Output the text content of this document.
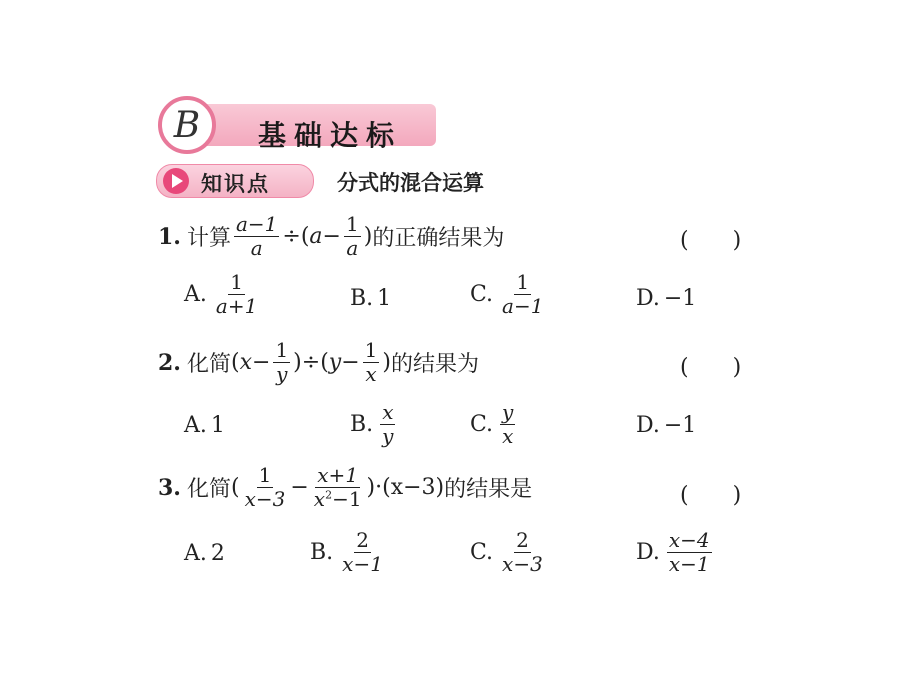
基础达标
B
知识点	分式的混合运算
1. 计算 $\frac{a-1}{a}$ ÷( $a - \frac{1}{a}$ ) 的正确结果为	(　　)
A. $\frac{1}{a+1}$	B. 1	C. $\frac{1}{a-1}$	D. −1
2. 化简 ( $x - \frac{1}{y}$ )÷( $y - \frac{1}{x}$ ) 的结果为	(　　)
A. 1	B. $\frac{x}{y}$	C. $\frac{y}{x}$	D. −1
3. 化简 ( $\frac{1}{x-3} - \frac{x+1}{x^2-1} )\cdot(x-3)$ 的结果是	(　　)
A. 2	B. $\frac{2}{x-1}$	C. $\frac{2}{x-3}$	D. $\frac{x-4}{x-1}$
